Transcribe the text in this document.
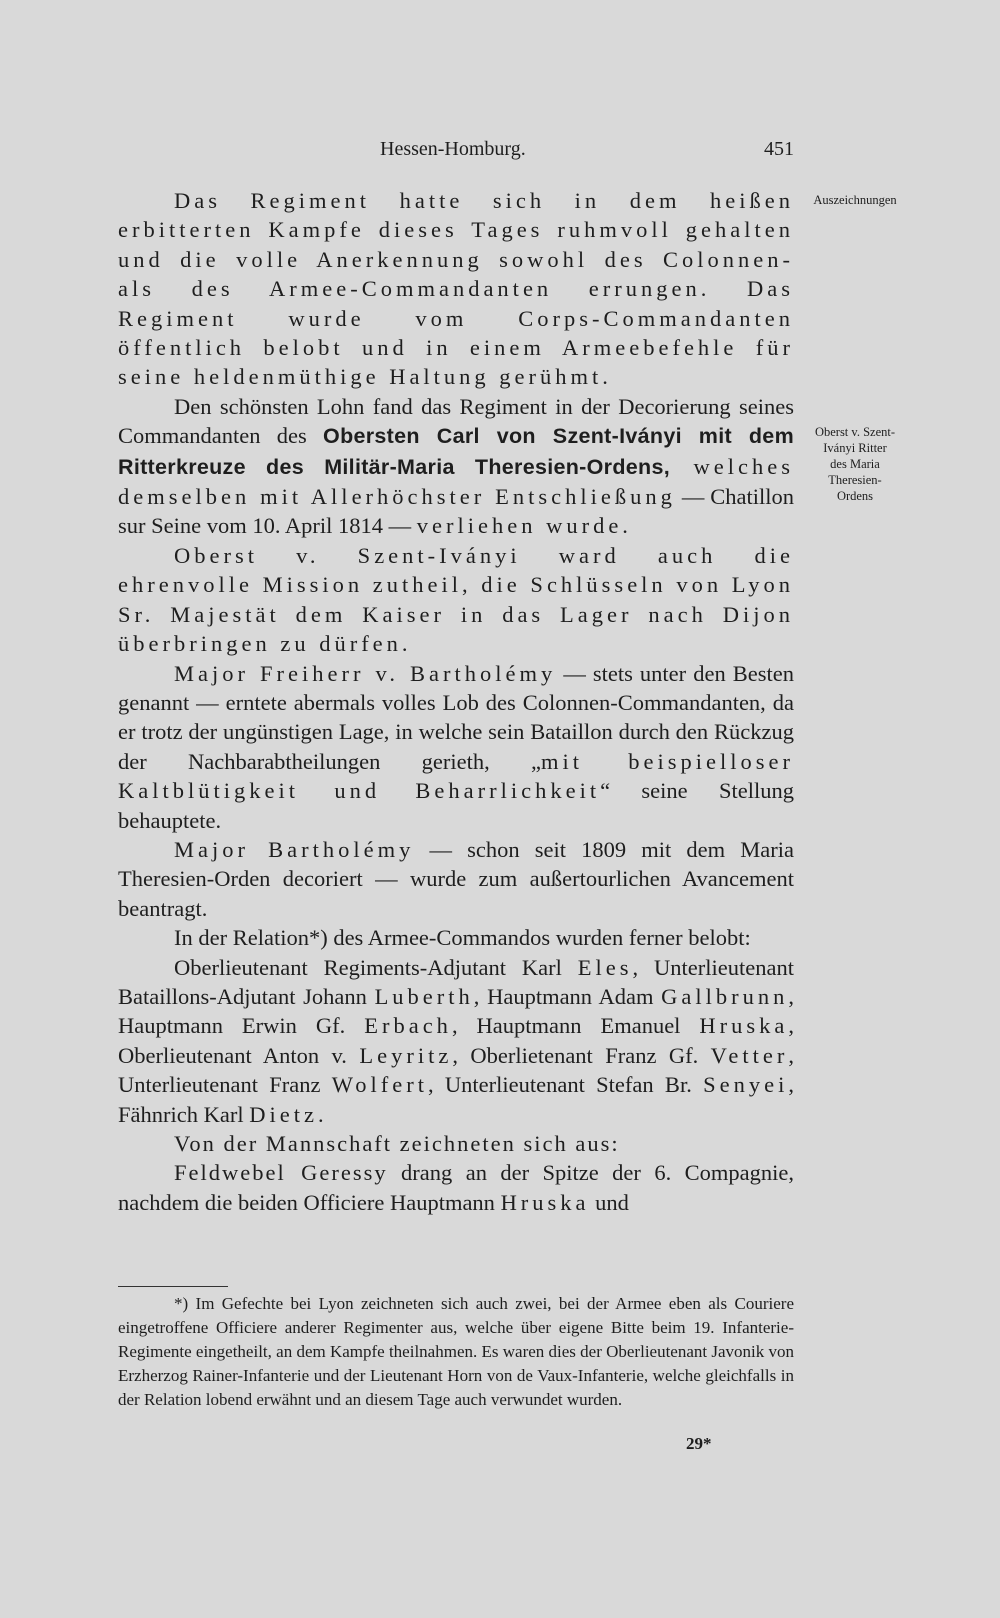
Hessen-Homburg.	451
Auszeichnungen
Oberst v. Szent-
Iványi Ritter
des Maria
Theresien-
Ordens

Das Regiment hatte sich in dem heißen erbitterten Kampfe dieses Tages ruhmvoll gehalten und die volle Anerkennung sowohl des Colonnen- als des Armee-Commandanten errungen. Das Regiment wurde vom Corps-Commandanten öffentlich belobt und in einem Armeebefehle für seine heldenmüthige Haltung gerühmt.

Den schönsten Lohn fand das Regiment in der Decorierung seines Commandanten des Obersten Carl von Szent-Iványi mit dem Ritterkreuze des Militär-Maria Theresien-Ordens, welches demselben mit Allerhöchster Entschließung — Chatillon sur Seine vom 10. April 1814 — verliehen wurde.

Oberst v. Szent-Iványi ward auch die ehrenvolle Mission zutheil, die Schlüsseln von Lyon Sr. Majestät dem Kaiser in das Lager nach Dijon überbringen zu dürfen.

Major Freiherr v. Bartholémy — stets unter den Besten genannt — erntete abermals volles Lob des Colonnen-Commandanten, da er trotz der ungünstigen Lage, in welche sein Bataillon durch den Rückzug der Nachbarabtheilungen gerieth, „mit beispielloser Kaltblütigkeit und Beharrlichkeit“ seine Stellung behauptete.

Major Barthol​émy — schon seit 1809 mit dem Maria Theresien-Orden decoriert — wurde zum außertourlichen Avancement beantragt.

In der Relation*) des Armee-Commandos wurden ferner belobt:

Oberlieutenant Regiments-Adjutant Karl Eles, Unterlieutenant Bataillons-Adjutant Johann Luberth, Hauptmann Adam Gallbrunn, Hauptmann Erwin Gf. Erbach, Hauptmann Emanuel Hruska, Oberlieutenant Anton v. Leyritz, Oberlietenant Franz Gf. Vetter, Unterlieutenant Franz Wolfert, Unterlieutenant Stefan Br. Senyei, Fähnrich Karl Dietz.

Von der Mannschaft zeichneten sich aus:

Feldwebel Geressy drang an der Spitze der 6. Compagnie, nachdem die beiden Officiere Hauptmann Hruska und

*) Im Gefechte bei Lyon zeichneten sich auch zwei, bei der Armee eben als Couriere eingetroffene Officiere anderer Regimenter aus, welche über eigene Bitte beim 19. Infanterie-Regimente eingetheilt, an dem Kampfe theilnahmen. Es waren dies der Oberlieutenant Javonik von Erzherzog Rainer-Infanterie und der Lieutenant Horn von de Vaux-Infanterie, welche gleichfalls in der Relation lobend erwähnt und an diesem Tage auch verwundet wurden.

29*
